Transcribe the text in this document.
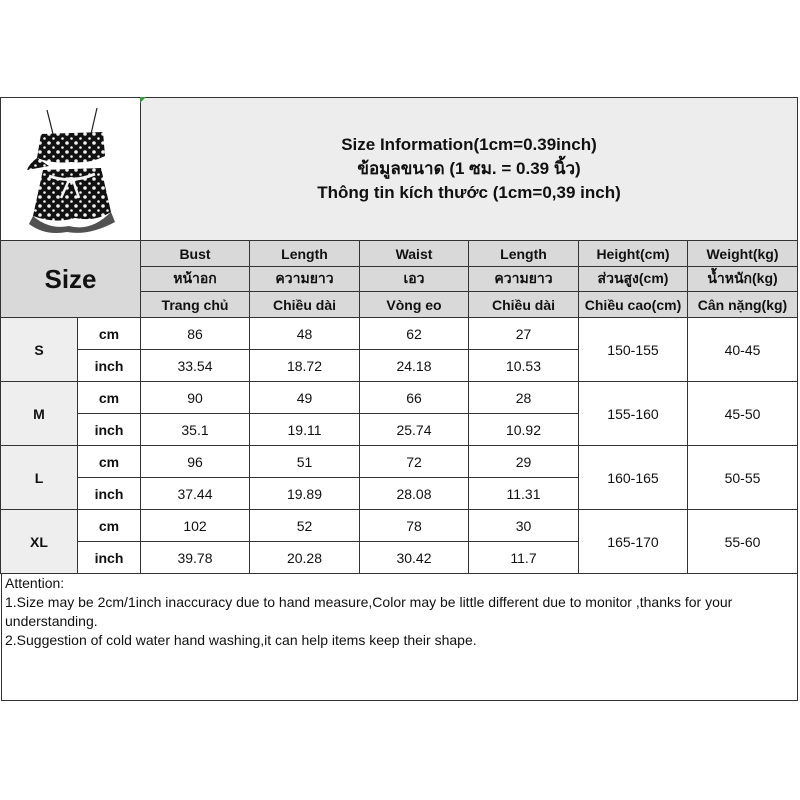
Size Information(1cm=0.39inch)
ข้อมูลขนาด (1 ซม. = 0.39 นิ้ว)
Thông tin kích thước (1cm=0,39 inch)					

Size		Bust	Length	Waist	Length	Height(cm)	Weight(kg)
		หน้าอก	ความยาว	เอว	ความยาว	ส่วนสูง(cm)	น้ำหนัก(kg)
		Trang chủ	Chiều dài	Vòng eo	Chiều dài	Chiều cao(cm)	Cân nặng(kg)
S	cm	86	48	62	27	150-155	40-45
	inch	33.54	18.72	24.18	10.53		
M	cm	90	49	66	28	155-160	45-50
	inch	35.1	19.11	25.74	10.92		
L	cm	96	51	72	29	160-165	50-55
	inch	37.44	19.89	28.08	11.31		
XL	cm	102	52	78	30	165-170	55-60
	inch	39.78	20.28	30.42	11.7		
Attention:
1.Size may be 2cm/1inch inaccuracy due to hand measure,Color may be little different due to monitor ,thanks for your understanding.
2.Suggestion of cold water hand washing,it can help items keep their shape.
